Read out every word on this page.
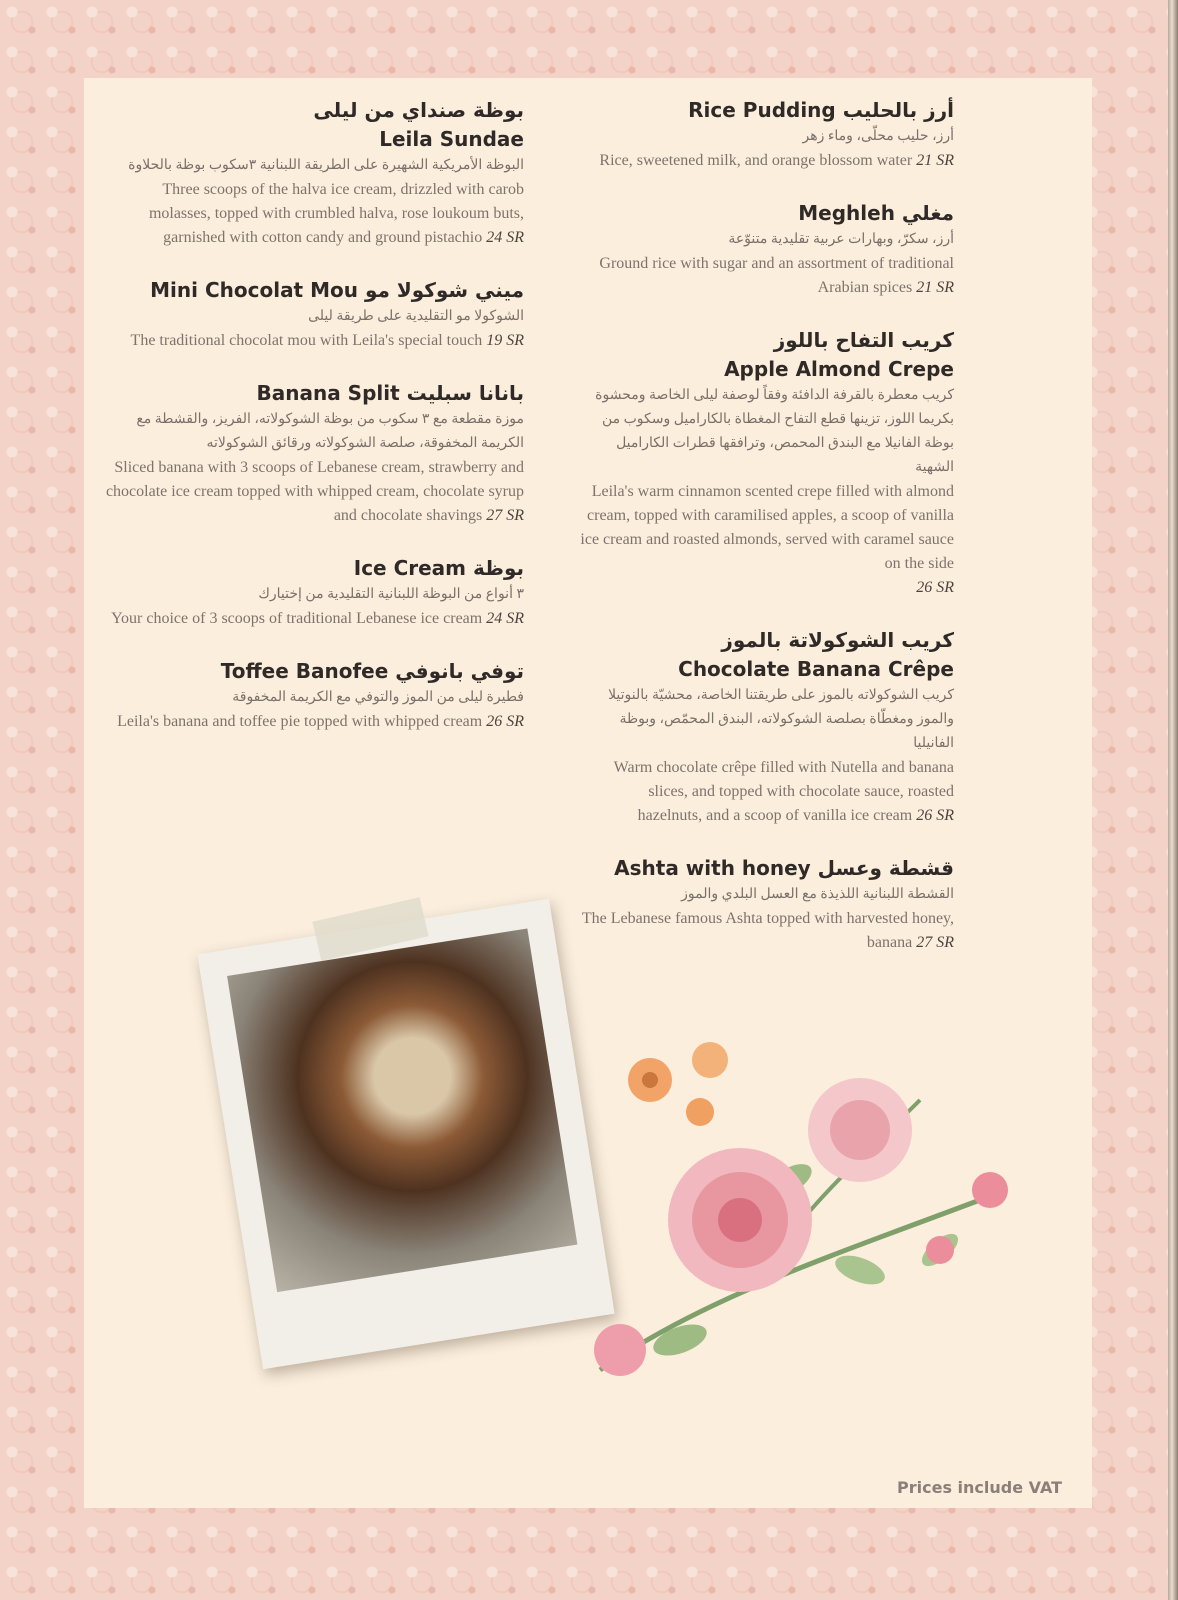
بوظة صنداي من ليلى
Leila Sundae
البوظة الأمريكية الشهيرة على الطريقة اللبنانية ٣سكوب بوظة بالحلاوة
Three scoops of the halva ice cream, drizzled with carob molasses, topped with crumbled halva, rose loukoum buts, garnished with cotton candy and ground pistachio 24 SR
Mini Chocolat Mou ميني شوكولا مو
الشوكولا مو التقليدية على طريقة ليلى
The traditional chocolat mou with Leila's special touch 19 SR
Banana Split بانانا سبليت
موزة مقطعة مع ٣ سكوب من بوظة الشوكولاته، الفريز، والقشطة مع الكريمة المخفوقة، صلصة الشوكولاته ورقائق الشوكولاته
Sliced banana with 3 scoops of Lebanese cream, strawberry and chocolate ice cream topped with whipped cream, chocolate syrup and chocolate shavings 27 SR
Ice Cream بوظة
٣ أنواع من البوظة اللبنانية التقليدية من إختيارك
Your choice of 3 scoops of traditional Lebanese ice cream 24 SR
Toffee Banofee توفي بانوفي
فطيرة ليلى من الموز والتوفي مع الكريمة المخفوقة
Leila's banana and toffee pie topped with whipped cream 26 SR
Rice Pudding أرز بالحليب
أرز، حليب محلّى، وماء زهر
Rice, sweetened milk, and orange blossom water 21 SR
Meghleh مغلي
أرز، سكرّ، وبهارات عربية تقليدية متنوّعة
Ground rice with sugar and an assortment of traditional Arabian spices 21 SR
كريب التفاح باللوز
Apple Almond Crepe
كريب معطرة بالقرفة الدافئة وفقاً لوصفة ليلى الخاصة ومحشوة بكريما اللوز، تزينها قطع التفاح المغطاة بالكاراميل وسكوب من بوظة الفانيلا مع البندق المحمص، وترافقها قطرات الكاراميل الشهية
Leila's warm cinnamon scented crepe filled with almond cream, topped with caramilised apples, a scoop of vanilla ice cream and roasted almonds, served with caramel sauce on the side
26 SR
كريب الشوكولاتة بالموز
Chocolate Banana Crêpe
كريب الشوكولاته بالموز على طريقتنا الخاصة، محشيّة بالنوتيلا والموز ومغطّاة بصلصة الشوكولاته، البندق المحمّص، وبوظة الفانيليا
Warm chocolate crêpe filled with Nutella and banana slices, and topped with chocolate sauce, roasted hazelnuts, and a scoop of vanilla ice cream 26 SR
Ashta with honey قشطة وعسل
القشطة اللبنانية اللذيذة مع العسل البلدي والموز
The Lebanese famous Ashta topped with harvested honey, banana 27 SR
Prices include VAT
